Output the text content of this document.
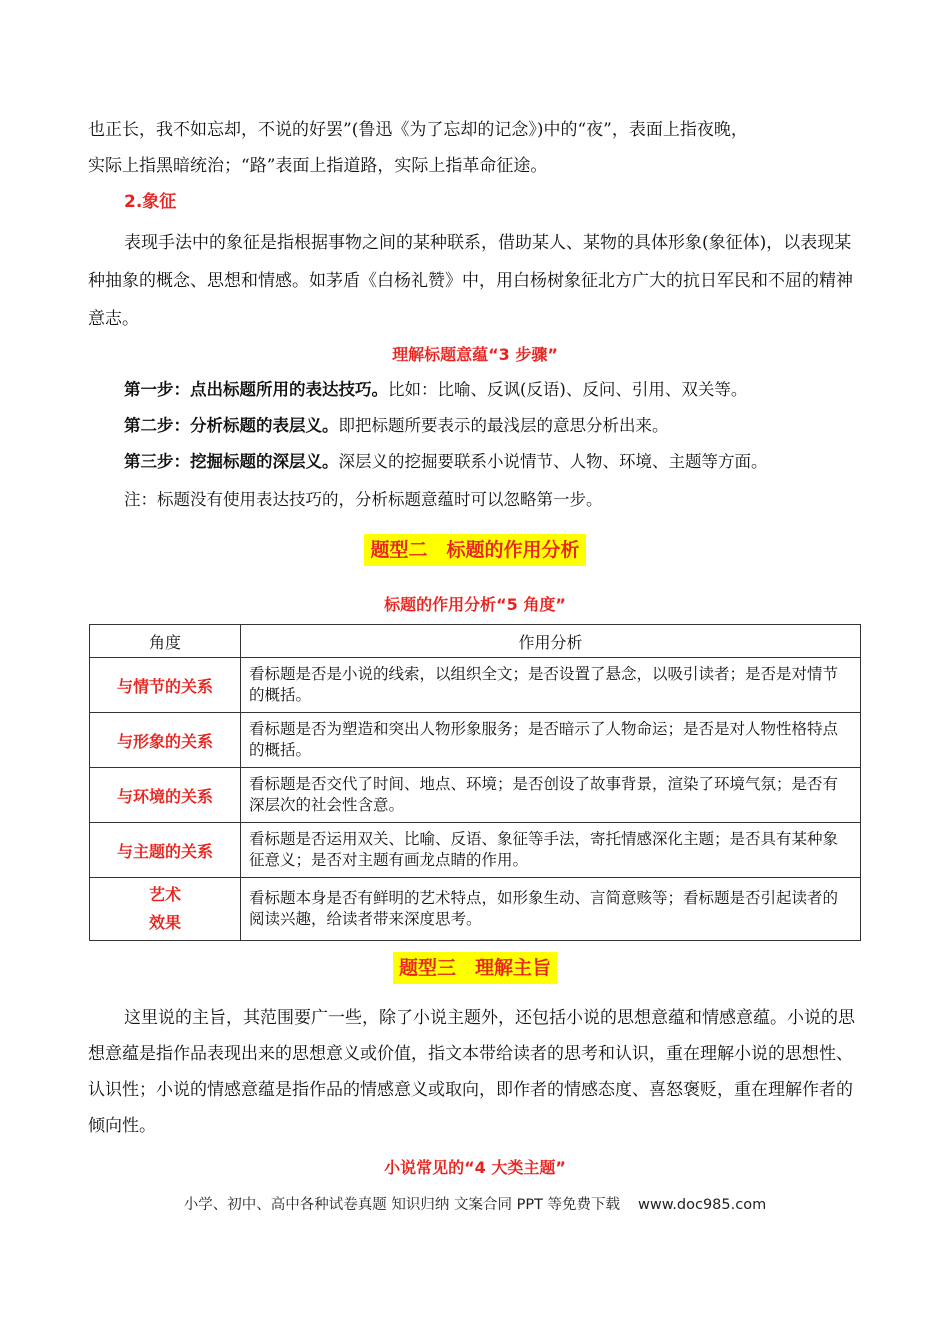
也正长，我不如忘却，不说的好罢”(鲁迅《为了忘却的记念》)中的“夜”，表面上指夜晚，

实际上指黑暗统治；“路”表面上指道路，实际上指革命征途。

2.象征

表现手法中的象征是指根据事物之间的某种联系，借助某人、某物的具体形象(象征体)，以表现某种抽象的概念、思想和情感。如茅盾《白杨礼赞》中，用白杨树象征北方广大的抗日军民和不屈的精神意志。

理解标题意蕴“3 步骤”

第一步：点出标题所用的表达技巧。比如：比喻、反讽(反语)、反问、引用、双关等。

第二步：分析标题的表层义。即把标题所要表示的最浅层的意思分析出来。

第三步：挖掘标题的深层义。深层义的挖掘要联系小说情节、人物、环境、主题等方面。

注：标题没有使用表达技巧的，分析标题意蕴时可以忽略第一步。

题型二　标题的作用分析
标题的作用分析“5 角度”
角度	作用分析
与情节的关系	看标题是否是小说的线索，以组织全文；是否设置了悬念，以吸引读者；是否是对情节的概括。
与形象的关系	看标题是否为塑造和突出人物形象服务；是否暗示了人物命运；是否是对人物性格特点的概括。
与环境的关系	看标题是否交代了时间、地点、环境；是否创设了故事背景，渲染了环境气氛；是否有深层次的社会性含意。
与主题的关系	看标题是否运用双关、比喻、反语、象征等手法，寄托情感深化主题；是否具有某种象征意义；是否对主题有画龙点睛的作用。

艺术
效果	看标题本身是否有鲜明的艺术特点，如形象生动、言简意赅等；看标题是否引起读者的阅读兴趣，给读者带来深度思考。
题型三　理解主旨

这里说的主旨，其范围要广一些，除了小说主题外，还包括小说的思想意蕴和情感意蕴。小说的思想意蕴是指作品表现出来的思想意义或价值，指文本带给读者的思考和认识，重在理解小说的思想性、认识性；小说的情感意蕴是指作品的情感意义或取向，即作者的情感态度、喜怒褒贬，重在理解作者的倾向性。

小说常见的“4 大类主题”
小学、初中、高中各种试卷真题 知识归纳 文案合同 PPT 等免费下载 www.doc985.com
